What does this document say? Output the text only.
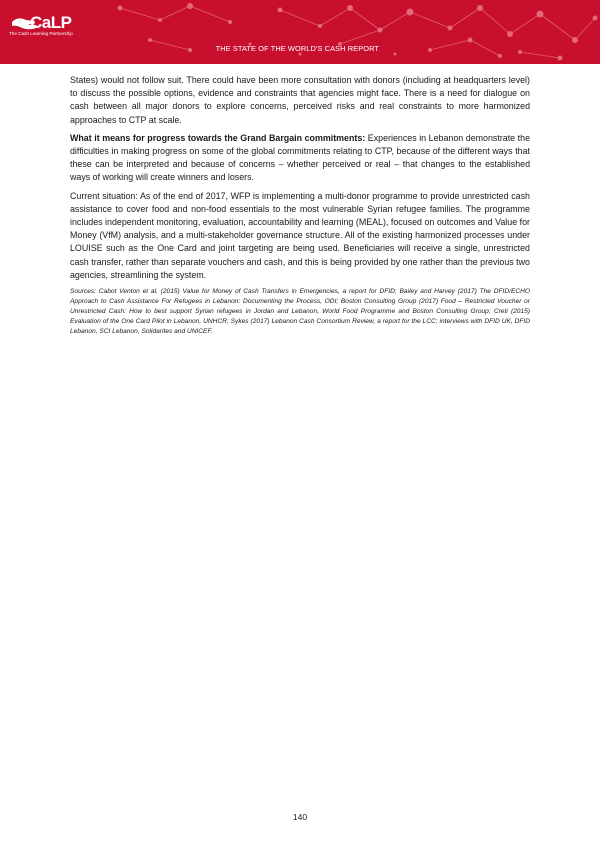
CaLP
The Cash Learning Partnership
THE STATE OF THE WORLD'S CASH REPORT

States) would not follow suit. There could have been more consultation with donors (including at headquarters level) to discuss the possible options, evidence and constraints that agencies might face. There is a need for dialogue on cash between all major donors to explore concerns, perceived risks and real constraints to more harmonized approaches to CTP at scale.

What it means for progress towards the Grand Bargain commitments: Experiences in Lebanon demonstrate the difficulties in making progress on some of the global commitments relating to CTP, because of the different ways that these can be interpreted and because of concerns – whether perceived or real – that changes to the established ways of working will create winners and losers.

Current situation: As of the end of 2017, WFP is implementing a multi-donor programme to provide unrestricted cash assistance to cover food and non-food essentials to the most vulnerable Syrian refugee families. The programme includes independent monitoring, evaluation, accountability and learning (MEAL), focused on outcomes and Value for Money (VfM) analysis, and a multi-stakeholder governance structure. All of the existing harmonized processes under LOUISE such as the One Card and joint targeting are being used. Beneficiaries will receive a single, unrestricted cash transfer, rather than separate vouchers and cash, and this is being provided by one rather than the previous two agencies, streamlining the system.

Sources: Cabot Venton et al. (2015) Value for Money of Cash Transfers in Emergencies, a report for DFID; Bailey and Harvey (2017) The DFID/ECHO Approach to Cash Assistance For Refugees in Lebanon: Documenting the Process, ODI; Boston Consulting Group (2017) Food – Restricted Voucher or Unrestricted Cash: How to best support Syrian refugees in Jordan and Lebanon, World Food Programme and Boston Consulting Group; Creti (2015) Evaluation of the One Card Pilot in Lebanon, UNHCR; Sykes (2017) Lebanon Cash Consortium Review, a report for the LCC; interviews with DFID UK, DFID Lebanon, SCI Lebanon, Solidarites and UNICEF.

140
